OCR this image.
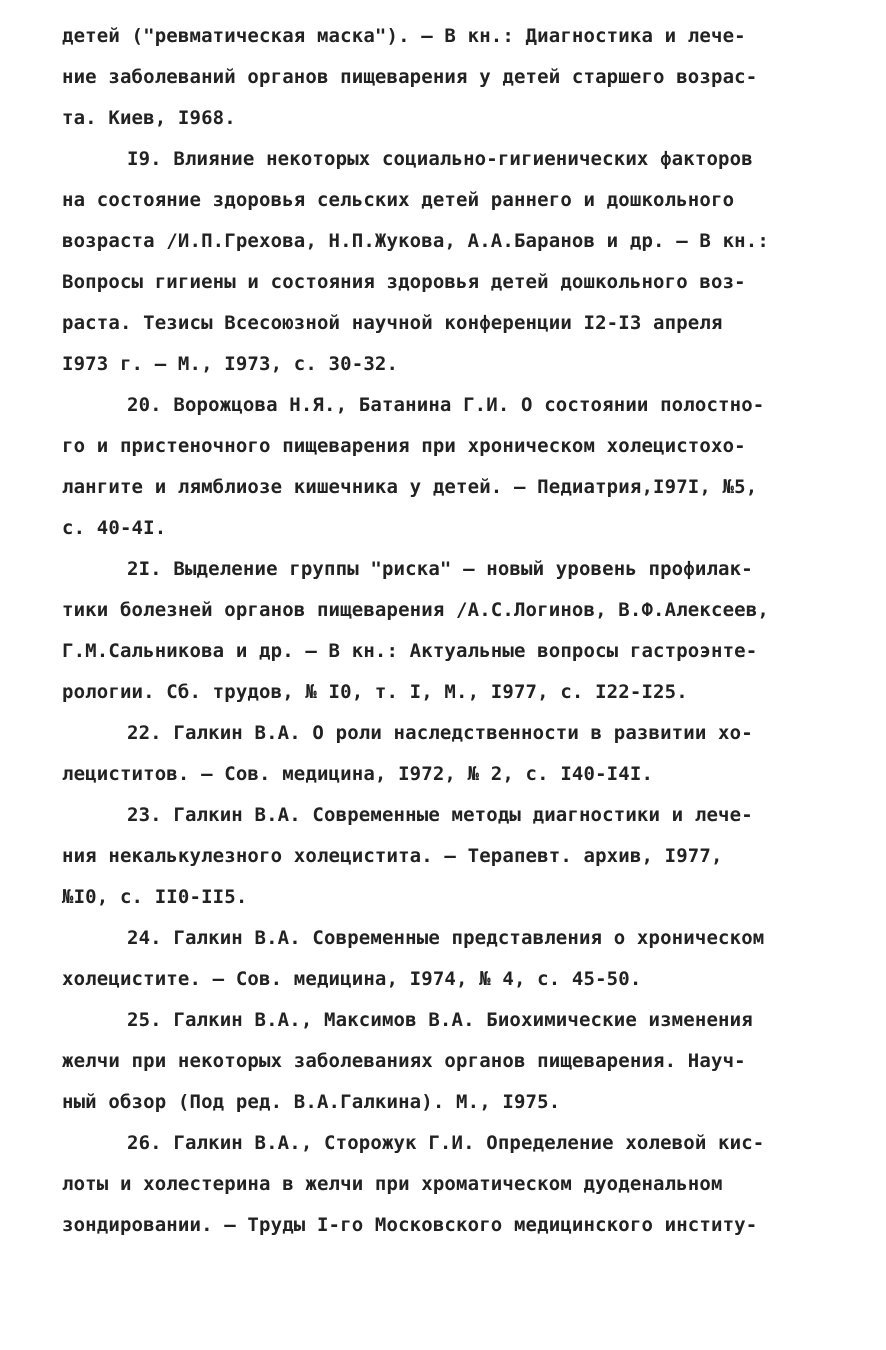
детей ("ревматическая маска"). – В кн.: Диагностика и лече-
ние заболеваний органов пищеварения у детей старшего возрас-
та. Киев, I968.
I9. Влияние некоторых социально-гигиенических факторов
на состояние здоровья сельских детей раннего и дошкольного
возраста /И.П.Грехова, Н.П.Жукова, А.А.Баранов и др. – В кн.:
Вопросы гигиены и состояния здоровья детей дошкольного воз-
раста. Тезисы Всесоюзной научной конференции I2-I3 апреля
I973 г. – М., I973, с. 30-32.
20. Ворожцова Н.Я., Батанина Г.И. О состоянии полостно-
го и пристеночного пищеварения при хроническом холецистохо-
лангите и лямблиозе кишечника у детей. – Педиатрия,I97I, №5,
с. 40-4I.
2I. Выделение группы "риска" – новый уровень профилак-
тики болезней органов пищеварения /А.С.Логинов, В.Ф.Алексеев,
Г.М.Сальникова и др. – В кн.: Актуальные вопросы гастроэнте-
рологии. Сб. трудов, № I0, т. I, М., I977, с. I22-I25.
22. Галкин В.А. О роли наследственности в развитии хо-
лециститов. – Сов. медицина, I972, № 2, с. I40-I4I.
23. Галкин В.А. Современные методы диагностики и лече-
ния некалькулезного холецистита. – Терапевт. архив, I977,
№I0, с. II0-II5.
24. Галкин В.А. Современные представления о хроническом
холецистите. – Сов. медицина, I974, № 4, с. 45-50.
25. Галкин В.А., Максимов В.А. Биохимические изменения
желчи при некоторых заболеваниях органов пищеварения. Науч-
ный обзор (Под ред. В.А.Галкина). М., I975.
26. Галкин В.А., Сторожук Г.И. Определение холевой кис-
лоты и холестерина в желчи при хроматическом дуоденальном
зондировании. – Труды I-го Московского медицинского институ-
